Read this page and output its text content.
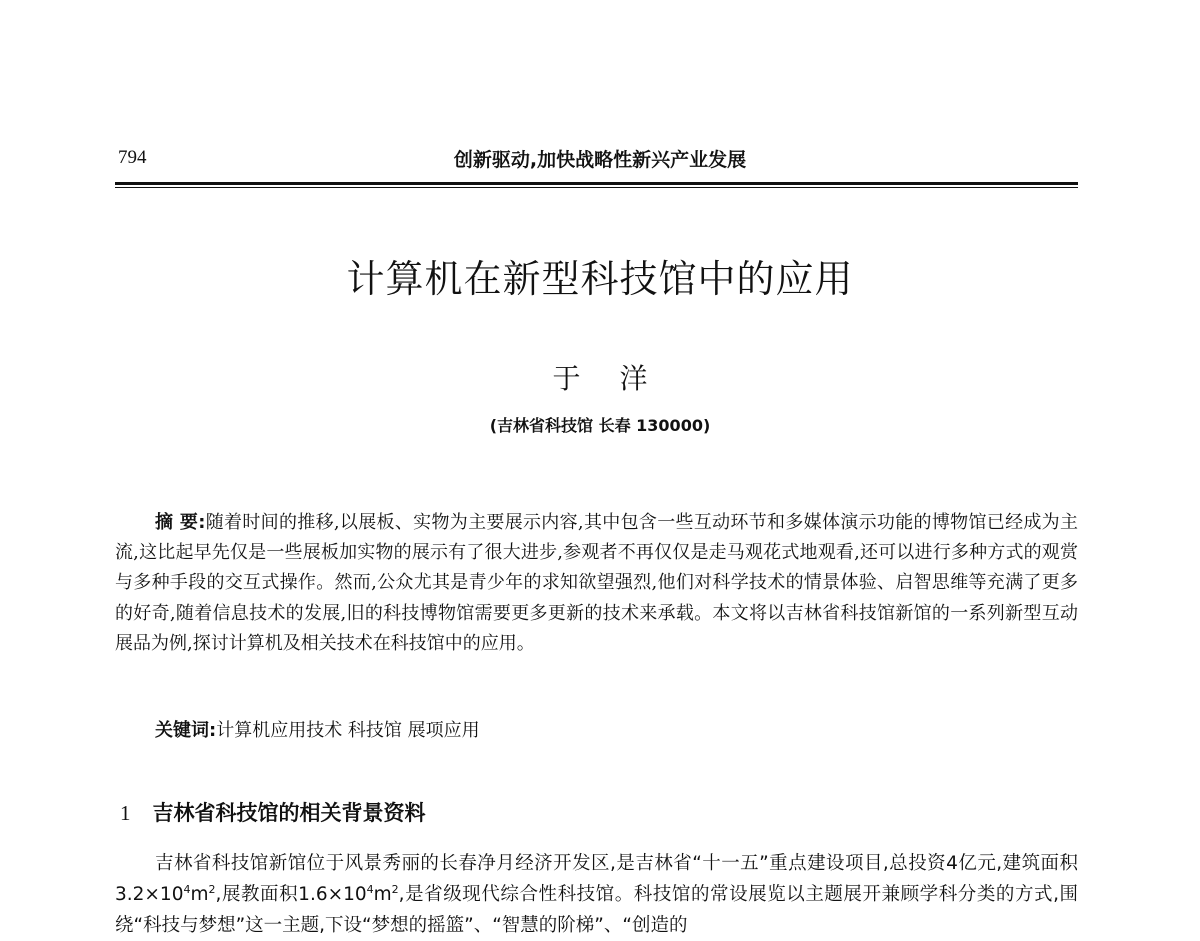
794	创新驱动,加快战略性新兴产业发展
计算机在新型科技馆中的应用
于 洋
(吉林省科技馆 长春 130000)

摘 要:随着时间的推移,以展板、实物为主要展示内容,其中包含一些互动环节和多媒体演示功能的博物馆已经成为主流,这比起早先仅是一些展板加实物的展示有了很大进步,参观者不再仅仅是走马观花式地观看,还可以进行多种方式的观赏与多种手段的交互式操作。然而,公众尤其是青少年的求知欲望强烈,他们对科学技术的情景体验、启智思维等充满了更多的好奇,随着信息技术的发展,旧的科技博物馆需要更多更新的技术来承载。本文将以吉林省科技馆新馆的一系列新型互动展品为例,探讨计算机及相关技术在科技馆中的应用。

关键词:计算机应用技术 科技馆 展项应用
1 吉林省科技馆的相关背景资料

吉林省科技馆新馆位于风景秀丽的长春净月经济开发区,是吉林省“十一五”重点建设项目,总投资4亿元,建筑面积$3.2\times 10^4m^2$,展教面积$1.6\times 10^4m^2$,是省级现代综合性科技馆。科技馆的常设展览以主题展开兼顾学科分类的方式,围绕“科技与梦想”这一主题,下设“梦想的摇篮”、“智慧的阶梯”、“创造的
